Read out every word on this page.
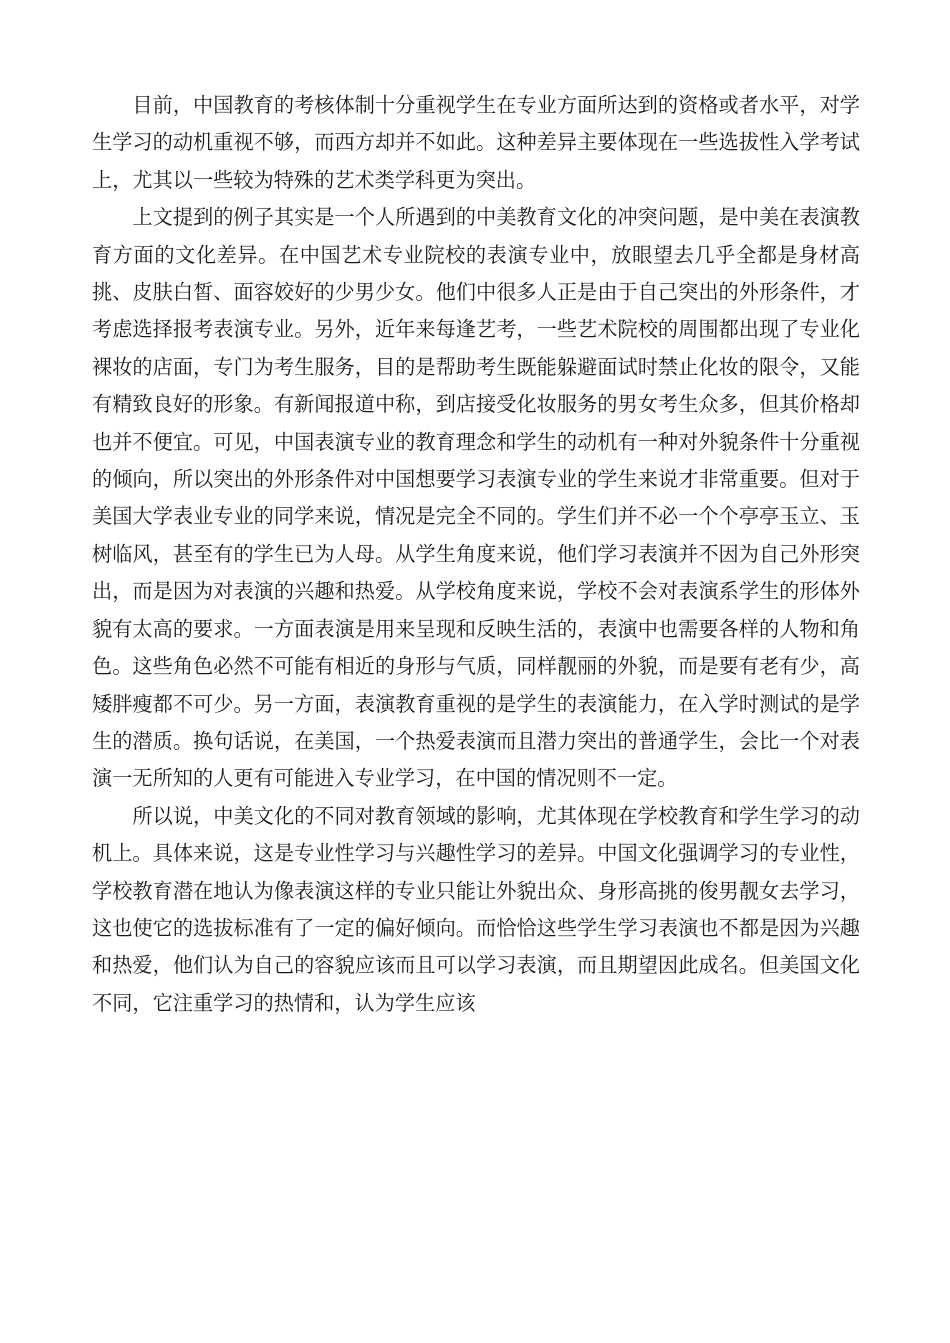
目前，中国教育的考核体制十分重视学生在专业方面所达到的资格或者水平，对学生学习的动机重视不够，而西方却并不如此。这种差异主要体现在一些选拔性入学考试上，尤其以一些较为特殊的艺术类学科更为突出。

上文提到的例子其实是一个人所遇到的中美教育文化的冲突问题，是中美在表演教育方面的文化差异。在中国艺术专业院校的表演专业中，放眼望去几乎全都是身材高挑、皮肤白皙、面容姣好的少男少女。他们中很多人正是由于自己突出的外形条件，才考虑选择报考表演专业。另外，近年来每逢艺考，一些艺术院校的周围都出现了专业化裸妆的店面，专门为考生服务，目的是帮助考生既能躲避面试时禁止化妆的限令，又能有精致良好的形象。有新闻报道中称，到店接受化妆服务的男女考生众多，但其价格却也并不便宜。可见，中国表演专业的教育理念和学生的动机有一种对外貌条件十分重视的倾向，所以突出的外形条件对中国想要学习表演专业的学生来说才非常重要。但对于美国大学表业专业的同学来说，情况是完全不同的。学生们并不必一个个亭亭玉立、玉树临风，甚至有的学生已为人母。从学生角度来说，他们学习表演并不因为自己外形突出，而是因为对表演的兴趣和热爱。从学校角度来说，学校不会对表演系学生的形体外貌有太高的要求。一方面表演是用来呈现和反映生活的，表演中也需要各样的人物和角色。这些角色必然不可能有相近的身形与气质，同样靓丽的外貌，而是要有老有少，高矮胖瘦都不可少。另一方面，表演教育重视的是学生的表演能力，在入学时测试的是学生的潜质。换句话说，在美国，一个热爱表演而且潜力突出的普通学生，会比一个对表演一无所知的人更有可能进入专业学习，在中国的情况则不一定。

所以说，中美文化的不同对教育领域的影响，尤其体现在学校教育和学生学习的动机上。具体来说，这是专业性学习与兴趣性学习的差异。中国文化强调学习的专业性，学校教育潜在地认为像表演这样的专业只能让外貌出众、身形高挑的俊男靓女去学习，这也使它的选拔标准有了一定的偏好倾向。而恰恰这些学生学习表演也不都是因为兴趣和热爱，他们认为自己的容貌应该而且可以学习表演，而且期望因此成名。但美国文化不同，它注重学习的热情和，认为学生应该
